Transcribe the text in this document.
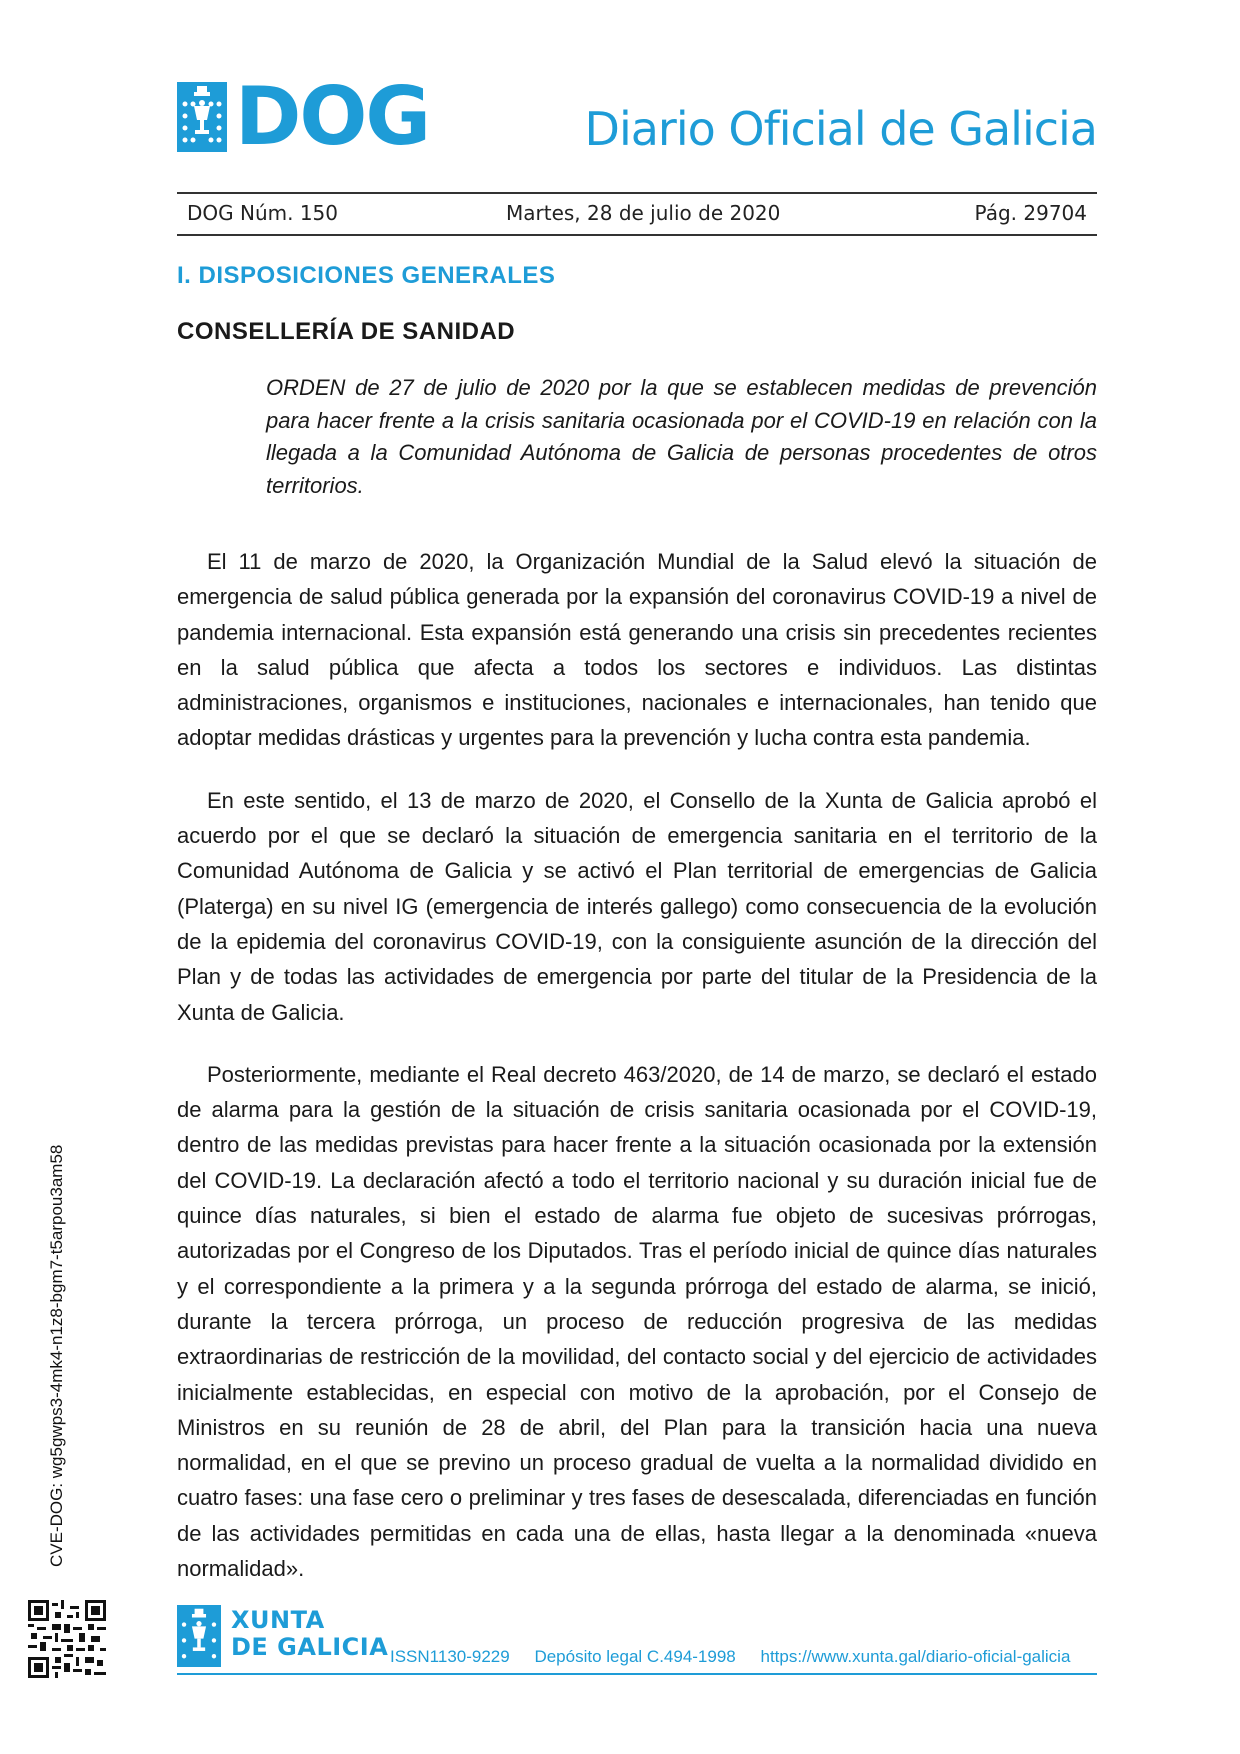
DOG	Diario Oficial de Galicia
DOG Núm. 150	Martes, 28 de julio de 2020	Pág. 29704
I. DISPOSICIONES GENERALES
CONSELLERÍA DE SANIDAD
ORDEN de 27 de julio de 2020 por la que se establecen medidas de prevención para hacer frente a la crisis sanitaria ocasionada por el COVID-19 en relación con la llegada a la Comunidad Autónoma de Galicia de personas procedentes de otros territorios.

El 11 de marzo de 2020, la Organización Mundial de la Salud elevó la situación de emergencia de salud pública generada por la expansión del coronavirus COVID-19 a nivel de pandemia internacional. Esta expansión está generando una crisis sin precedentes recientes en la salud pública que afecta a todos los sectores e individuos. Las distintas administraciones, organismos e instituciones, nacionales e internacionales, han tenido que adoptar medidas drásticas y urgentes para la prevención y lucha contra esta pandemia.

En este sentido, el 13 de marzo de 2020, el Consello de la Xunta de Galicia aprobó el acuerdo por el que se declaró la situación de emergencia sanitaria en el territorio de la Comunidad Autónoma de Galicia y se activó el Plan territorial de emergencias de Galicia (Platerga) en su nivel IG (emergencia de interés gallego) como consecuencia de la evolución de la epidemia del coronavirus COVID-19, con la consiguiente asunción de la dirección del Plan y de todas las actividades de emergencia por parte del titular de la Presidencia de la Xunta de Galicia.

Posteriormente, mediante el Real decreto 463/2020, de 14 de marzo, se declaró el estado de alarma para la gestión de la situación de crisis sanitaria ocasionada por el COVID-19, dentro de las medidas previstas para hacer frente a la situación ocasionada por la extensión del COVID-19. La declaración afectó a todo el territorio nacional y su duración inicial fue de quince días naturales, si bien el estado de alarma fue objeto de sucesivas prórrogas, autorizadas por el Congreso de los Diputados. Tras el período inicial de quince días naturales y el correspondiente a la primera y a la segunda prórroga del estado de alarma, se inició, durante la tercera prórroga, un proceso de reducción progresiva de las medidas extraordinarias de restricción de la movilidad, del contacto social y del ejercicio de actividades inicialmente establecidas, en especial con motivo de la aprobación, por el Consejo de Ministros en su reunión de 28 de abril, del Plan para la transición hacia una nueva normalidad, en el que se previno un proceso gradual de vuelta a la normalidad dividido en cuatro fases: una fase cero o preliminar y tres fases de desescalada, diferenciadas en función de las actividades permitidas en cada una de ellas, hasta llegar a la denominada «nueva normalidad».

CVE-DOG: wg5gwps3-4mk4-n1z8-bgm7-t5arpou3am58
XUNTA
DE GALICIA ISSN1130-9229 Depósito legal C.494-1998 https://www.xunta.gal/diario-oficial-galicia
